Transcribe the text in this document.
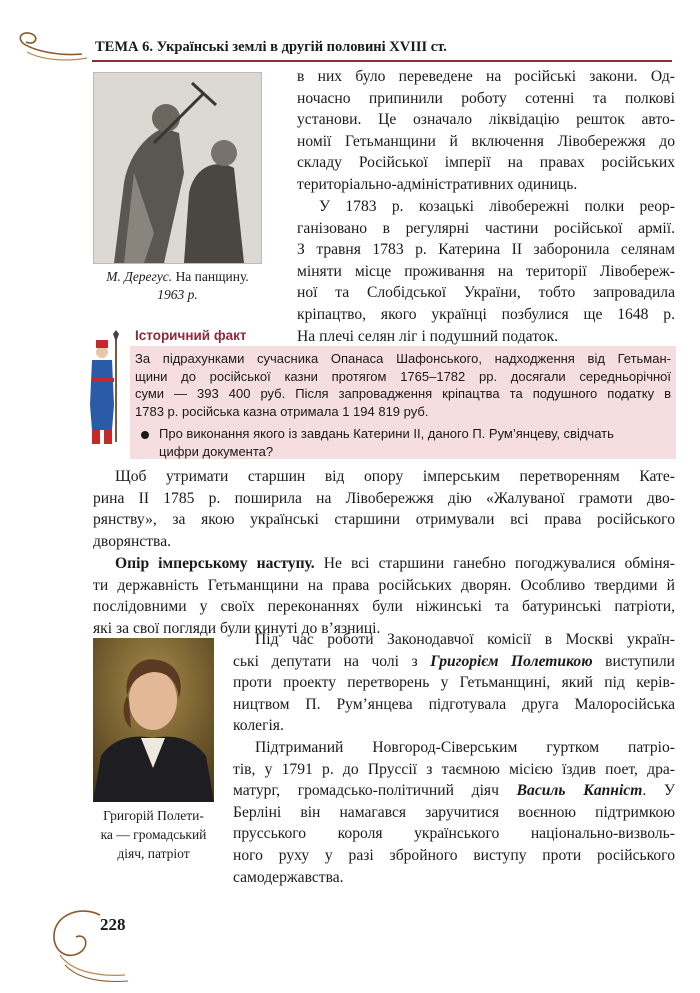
ТЕМА 6. Українські землі в другій половині XVIII ст.
М. Дерегус. На панщину.
1963 р.
в них було переведене на російські закони. Од-
ночасно припинили роботу сотенні та полкові
установи. Це означало ліквідацію решток авто-
номії Гетьманщини й включення Лівобережжя до
складу Російської імперії на правах російських
територіально-адміністративних одиниць.
У 1783 р. козацькі лівобережні полки реор-
ганізовано в регулярні частини російської армії.
З травня 1783 р. Катерина II заборонила селянам
міняти місце проживання на території Лівобереж-
ної та Слобідської України, тобто запровадила
кріпацтво, якого українці позбулися ще 1648 р.
На плечі селян ліг і подушний податок.
Історичний факт
За підрахунками сучасника Опанаса Шафонського, надходження від Гетьман-
щини до російської казни протягом 1765–1782 рр. досягали середньорічної
суми — 393 400 руб. Після запровадження кріпацтва та подушного податку в
1783 р. російська казна отримала 1 194 819 руб.
Про виконання якого із завдань Катерини II, даного П. Рум’янцеву, свідчать
цифри документа?
Щоб утримати старшин від опору імперським перетворенням Кате-
рина II 1785 р. поширила на Лівобережжя дію «Жалуваної грамоти дво-
рянству», за якою українські старшини отримували всі права російського
дворянства.
Опір імперському наступу. Не всі старшини ганебно погоджувалися обміня-
ти державність Гетьманщини на права російських дворян. Особливо твердими й
послідовними у своїх переконаннях були ніжинські та батуринські патріоти,
які за свої погляди були кинуті до в’язниці.
Григорій Полети-
ка — громадський
діяч, патріот
Під час роботи Законодавчої комісії в Москві україн-
ські депутати на чолі з Григорієм Полетикою виступили
проти проекту перетворень у Гетьманщині, який під керів-
ництвом П. Рум’янцева підготувала друга Малоросійська
колегія.
Підтриманий Новгород-Сіверським гуртком патріо-
тів, у 1791 р. до Пруссії з таємною місією їздив поет, дра-
матург, громадсько-політичний діяч Василь Капніст. У
Берліні він намагався заручитися воєнною підтримкою
прусського короля українського національно-визволь-
ного руху у разі збройного виступу проти російського
самодержавства.
228
